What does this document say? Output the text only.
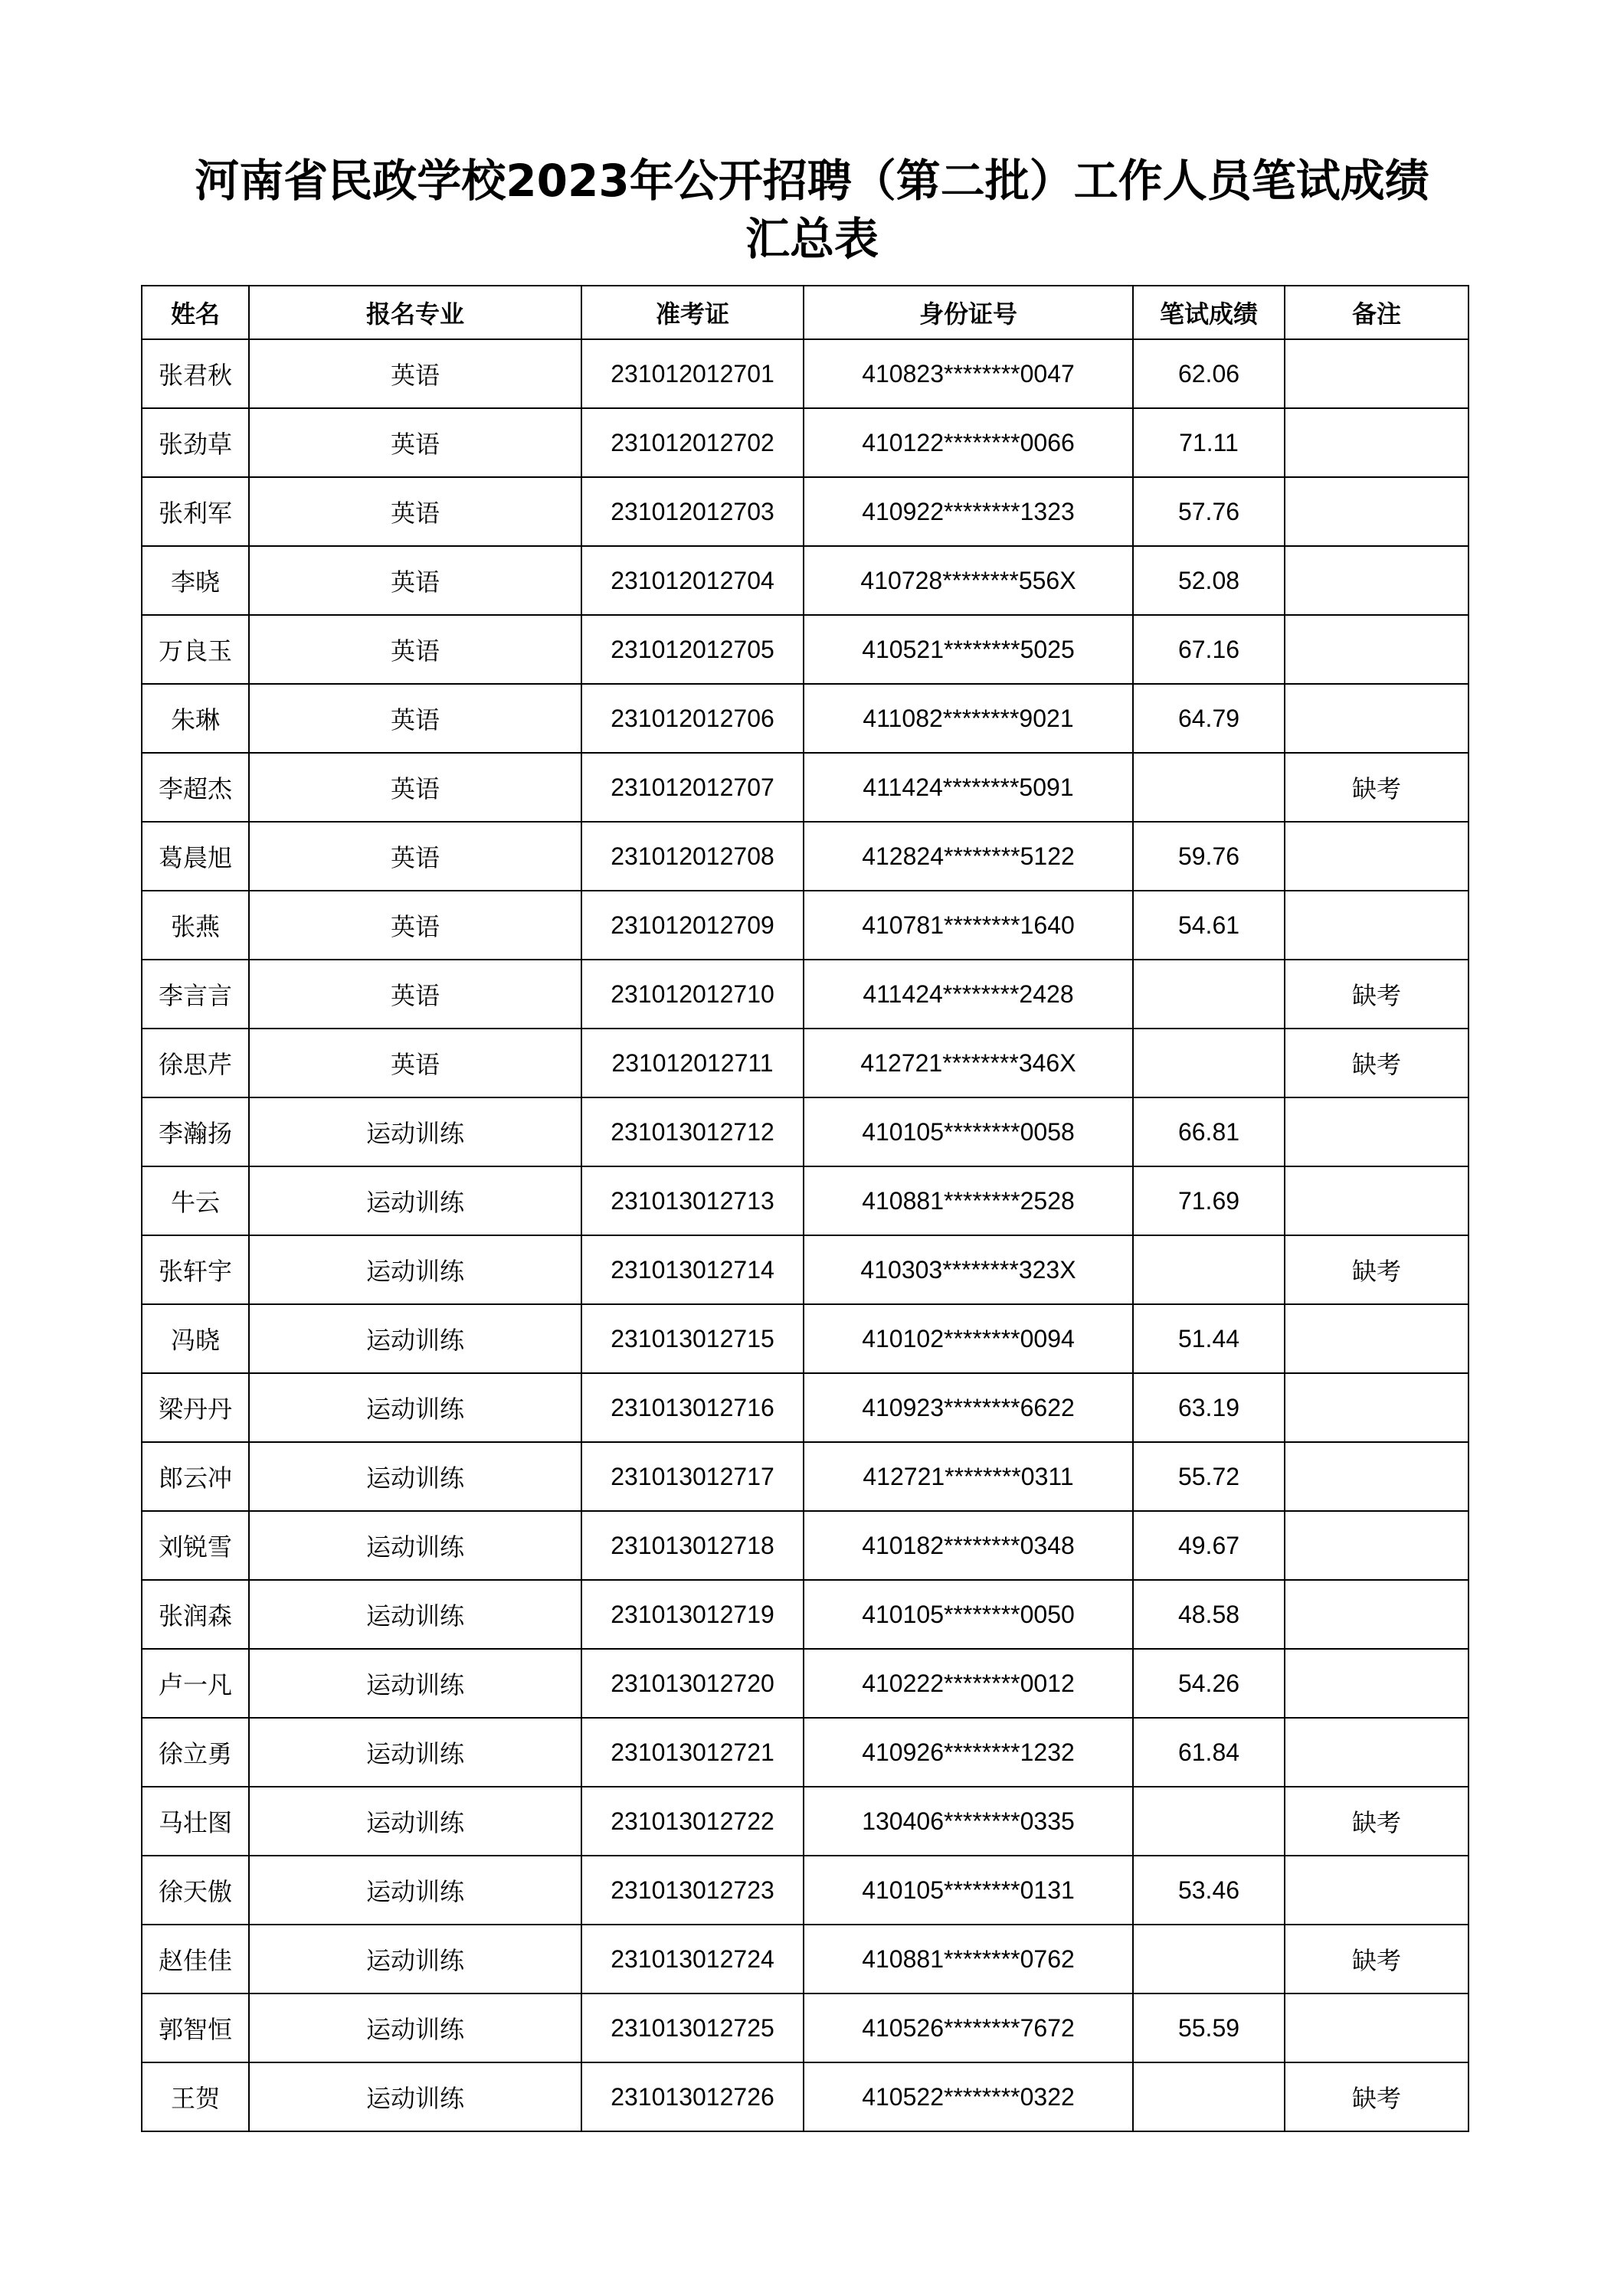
河南省民政学校2023年公开招聘（第二批）工作人员笔试成绩
汇总表
姓名	报名专业	准考证	身份证号	笔试成绩	备注
张君秋	英语	231012012701	410823********0047	62.06	
张劲草	英语	231012012702	410122********0066	71.11	
张利军	英语	231012012703	410922********1323	57.76	
李晓	英语	231012012704	410728********556X	52.08	
万良玉	英语	231012012705	410521********5025	67.16	
朱琳	英语	231012012706	411082********9021	64.79	
李超杰	英语	231012012707	411424********5091		缺考
葛晨旭	英语	231012012708	412824********5122	59.76	
张燕	英语	231012012709	410781********1640	54.61	
李言言	英语	231012012710	411424********2428		缺考
徐思芹	英语	231012012711	412721********346X		缺考
李瀚扬	运动训练	231013012712	410105********0058	66.81	
牛云	运动训练	231013012713	410881********2528	71.69	
张轩宇	运动训练	231013012714	410303********323X		缺考
冯晓	运动训练	231013012715	410102********0094	51.44	
梁丹丹	运动训练	231013012716	410923********6622	63.19	
郎云冲	运动训练	231013012717	412721********0311	55.72	
刘锐雪	运动训练	231013012718	410182********0348	49.67	
张润森	运动训练	231013012719	410105********0050	48.58	
卢一凡	运动训练	231013012720	410222********0012	54.26	
徐立勇	运动训练	231013012721	410926********1232	61.84	
马壮图	运动训练	231013012722	130406********0335		缺考
徐天傲	运动训练	231013012723	410105********0131	53.46	
赵佳佳	运动训练	231013012724	410881********0762		缺考
郭智恒	运动训练	231013012725	410526********7672	55.59	
王贺	运动训练	231013012726	410522********0322		缺考
